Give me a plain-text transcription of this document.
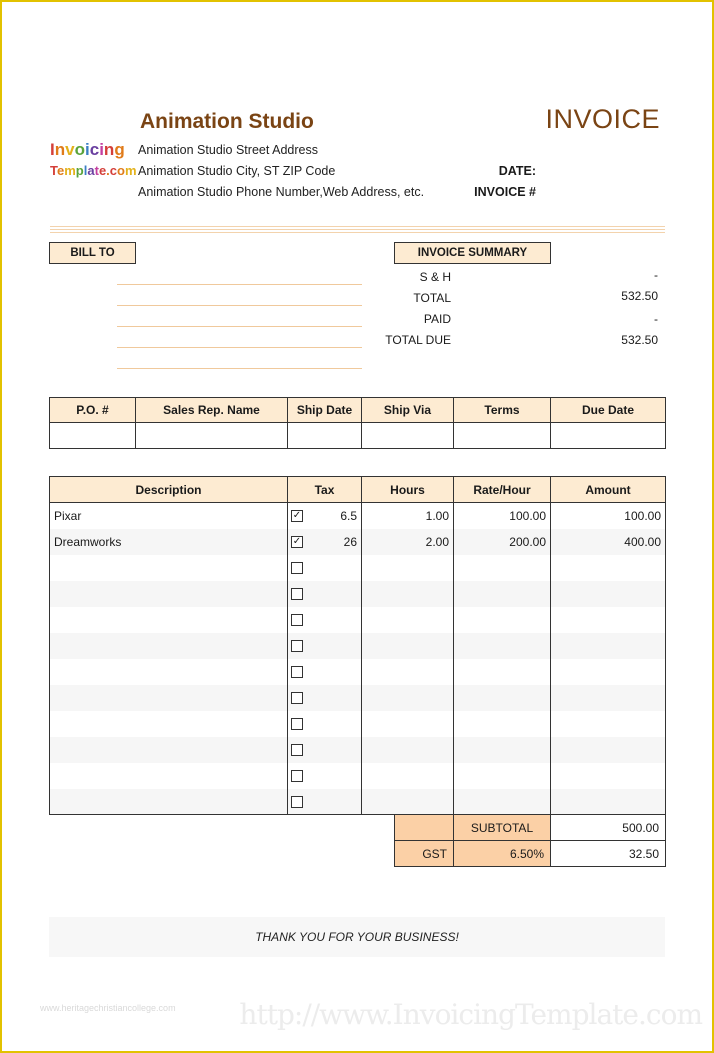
Invoicing
Template.com
Animation Studio	INVOICE
Animation Studio Street Address
Animation Studio City, ST ZIP Code
Animation Studio Phone Number,Web Address, etc.
DATE:
INVOICE #
BILL TO	INVOICE SUMMARY
S & H	-
TOTAL	532.50
PAID	-
TOTAL DUE	532.50
P.O. #	Sales Rep. Name	Ship Date	Ship Via	Terms	Due Date

Description	Tax	Hours	Rate/Hour	Amount
Pixar	✓ 6.5	1.00	100.00	100.00
Dreamworks	✓ 26	2.00	200.00	400.00

	SUBTOTAL	500.00
GST	6.50%	32.50
THANK YOU FOR YOUR BUSINESS!
www.heritagechristiancollege.com http://www.InvoicingTemplate.com
